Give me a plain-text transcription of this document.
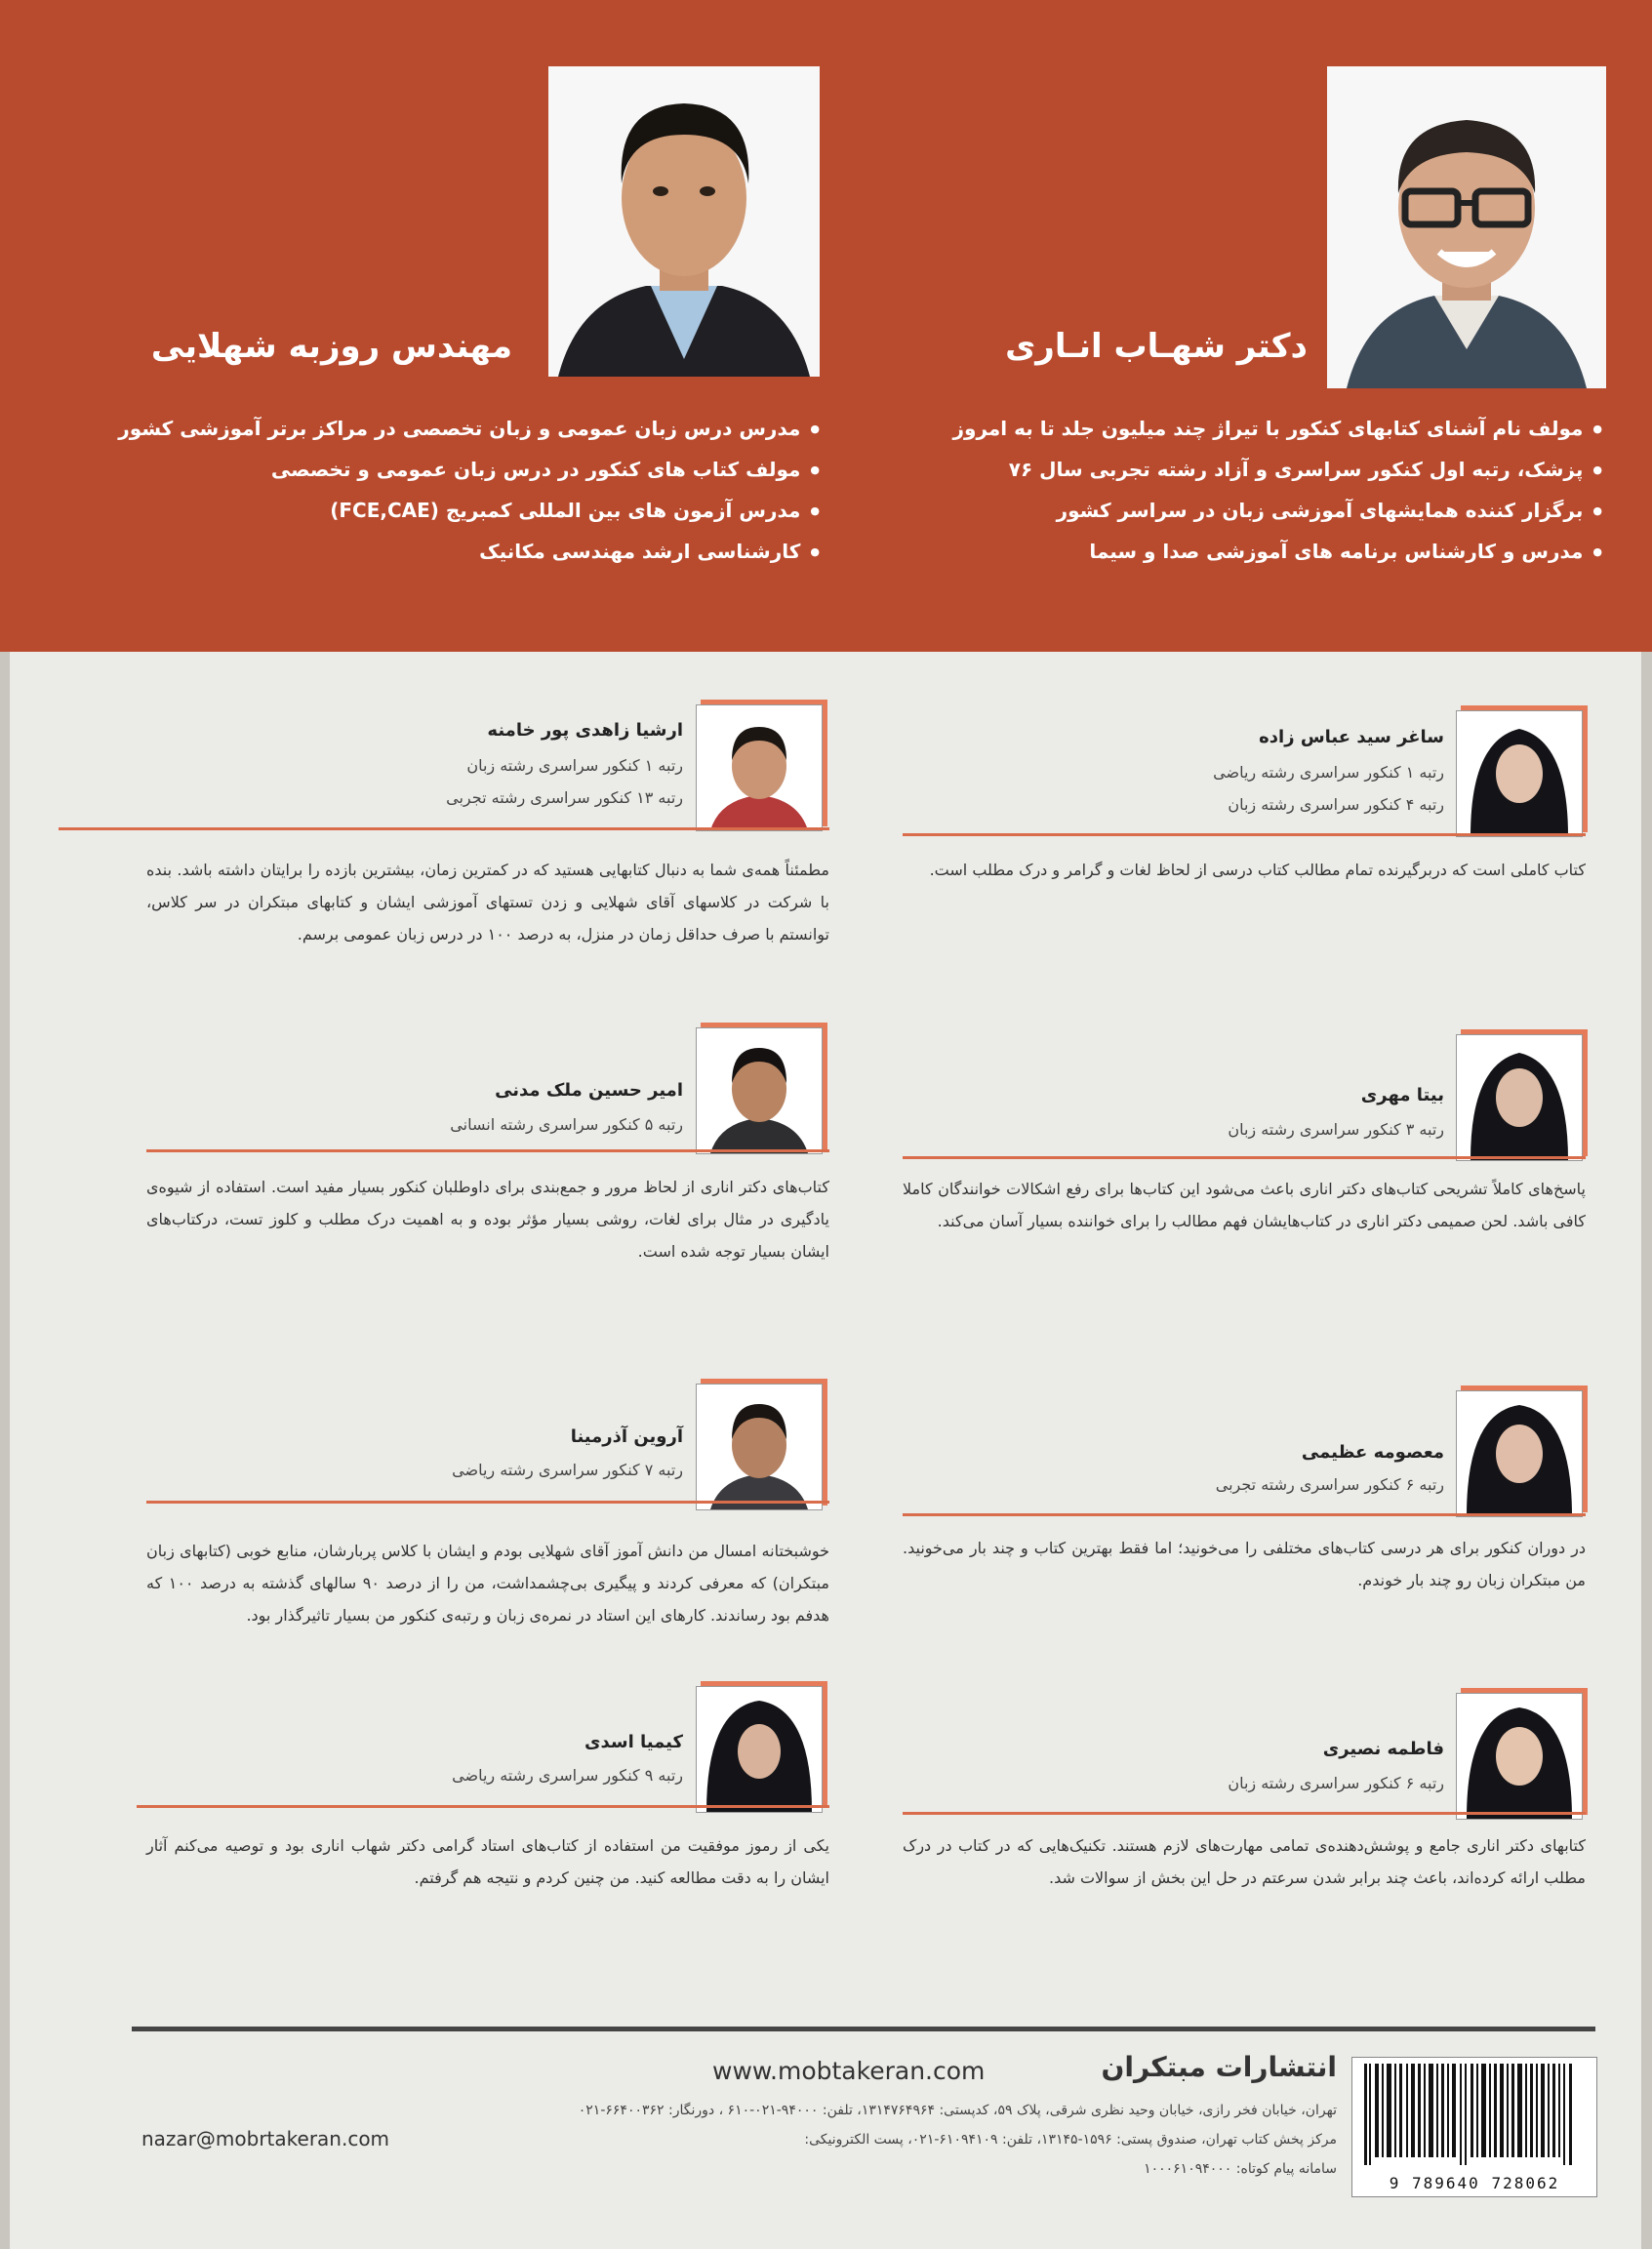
دکتر شهـاب انـاری
● مولف نام آشنای کتابهای کنکور با تیراژ چند میلیون جلد تا به امروز
● پزشک، رتبه اول کنکور سراسری و آزاد رشته تجربی سال ۷۶
● برگزار کننده همایشهای آموزشی زبان در سراسر کشور
● مدرس و کارشناس برنامه های آموزشی صدا و سیما
مهندس روزبه شهلایی
● مدرس درس زبان عمومی و زبان تخصصی در مراکز برتر آموزشی کشور
● مولف کتاب های کنکور در درس زبان عمومی و تخصصی
● مدرس آزمون های بین المللی کمبریج (FCE,CAE)
● کارشناسی ارشد مهندسی مکانیک
ساغر سید عباس زاده
رتبه ۱ کنکور سراسری رشته ریاضی
رتبه ۴ کنکور سراسری رشته زبان
کتاب کاملی است که دربرگیرنده تمام مطالب کتاب درسی از لحاظ لغات و گرامر و درک مطلب است.
بیتا مهری
رتبه ۳ کنکور سراسری رشته زبان
پاسخ‌های کاملاً تشریحی کتاب‌های دکتر اناری باعث می‌شود این کتاب‌ها برای رفع اشکالات خوانندگان کاملا کافی باشد. لحن صمیمی دکتر اناری در کتاب‌هایشان فهم مطالب را برای خواننده بسیار آسان می‌کند.
معصومه عظیمی
رتبه ۶ کنکور سراسری رشته تجربی
در دوران کنکور برای هر درسی کتاب‌های مختلفی را می‌خونید؛ اما فقط بهترین کتاب و چند بار می‌خونید. من مبتکران زبان رو چند بار خوندم.
فاطمه نصیری
رتبه ۶ کنکور سراسری رشته زبان
کتابهای دکتر اناری جامع و پوشش‌دهنده‌ی تمامی مهارت‌های لازم هستند. تکنیک‌هایی که در کتاب در درک مطلب ارائه کرده‌اند، باعث چند برابر شدن سرعتم در حل این بخش از سوالات شد.
ارشیا زاهدی پور خامنه
رتبه ۱ کنکور سراسری رشته زبان
رتبه ۱۳ کنکور سراسری رشته تجربی
مطمئناً همه‌ی شما به دنبال کتابهایی هستید که در کمترین زمان، بیشترین بازده را برایتان داشته باشد. بنده با شرکت در کلاسهای آقای شهلایی و زدن تستهای آموزشی ایشان و کتابهای مبتکران در سر کلاس، توانستم با صرف حداقل زمان در منزل، به درصد ۱۰۰ در درس زبان عمومی برسم.
امیر حسین ملک مدنی
رتبه ۵ کنکور سراسری رشته انسانی
کتاب‌های دکتر اناری از لحاظ مرور و جمع‌بندی برای داوطلبان کنکور بسیار مفید است. استفاده از شیوه‌ی یادگیری در مثال برای لغات، روشی بسیار مؤثر بوده و به اهمیت درک مطلب و کلوز تست، درکتاب‌های ایشان بسیار توجه شده است.
آروین آذرمینا
رتبه ۷ کنکور سراسری رشته ریاضی
خوشبختانه امسال من دانش آموز آقای شهلایی بودم و ایشان با کلاس پربارشان، منابع خوبی (کتابهای زبان مبتکران) که معرفی کردند و پیگیری بی‌چشمداشت، من را از درصد ۹۰ سالهای گذشته به درصد ۱۰۰ که هدفم بود رساندند. کارهای این استاد در نمره‌ی زبان و رتبه‌ی کنکور من بسیار تاثیرگذار بود.
کیمیا اسدی
رتبه ۹ کنکور سراسری رشته ریاضی
یکی از رموز موفقیت من استفاده از کتاب‌های استاد گرامی دکتر شهاب اناری بود و توصیه می‌کنم آثار ایشان را به دقت مطالعه کنید. من چنین کردم و نتیجه هم گرفتم.
9 789640 728062
انتشارات مبتکران
www.mobtakeran.com
تهران، خیابان فخر رازی، خیابان وحید نظری شرقی، پلاک ۵۹، کدپستی: ۱۳۱۴۷۶۴۹۶۴، تلفن: ۹۴۰۰۰-۰۲۱-۶۱۰ ، دورنگار: ۶۶۴۰۰۳۶۲-۰۲۱
مرکز پخش کتاب تهران، صندوق پستی: ۱۵۹۶-۱۳۱۴۵، تلفن: ۶۱۰۹۴۱۰۹-۰۲۱، پست الکترونیکی:
nazar@mobrtakeran.com
سامانه پیام کوتاه: ۱۰۰۰۶۱۰۹۴۰۰۰
